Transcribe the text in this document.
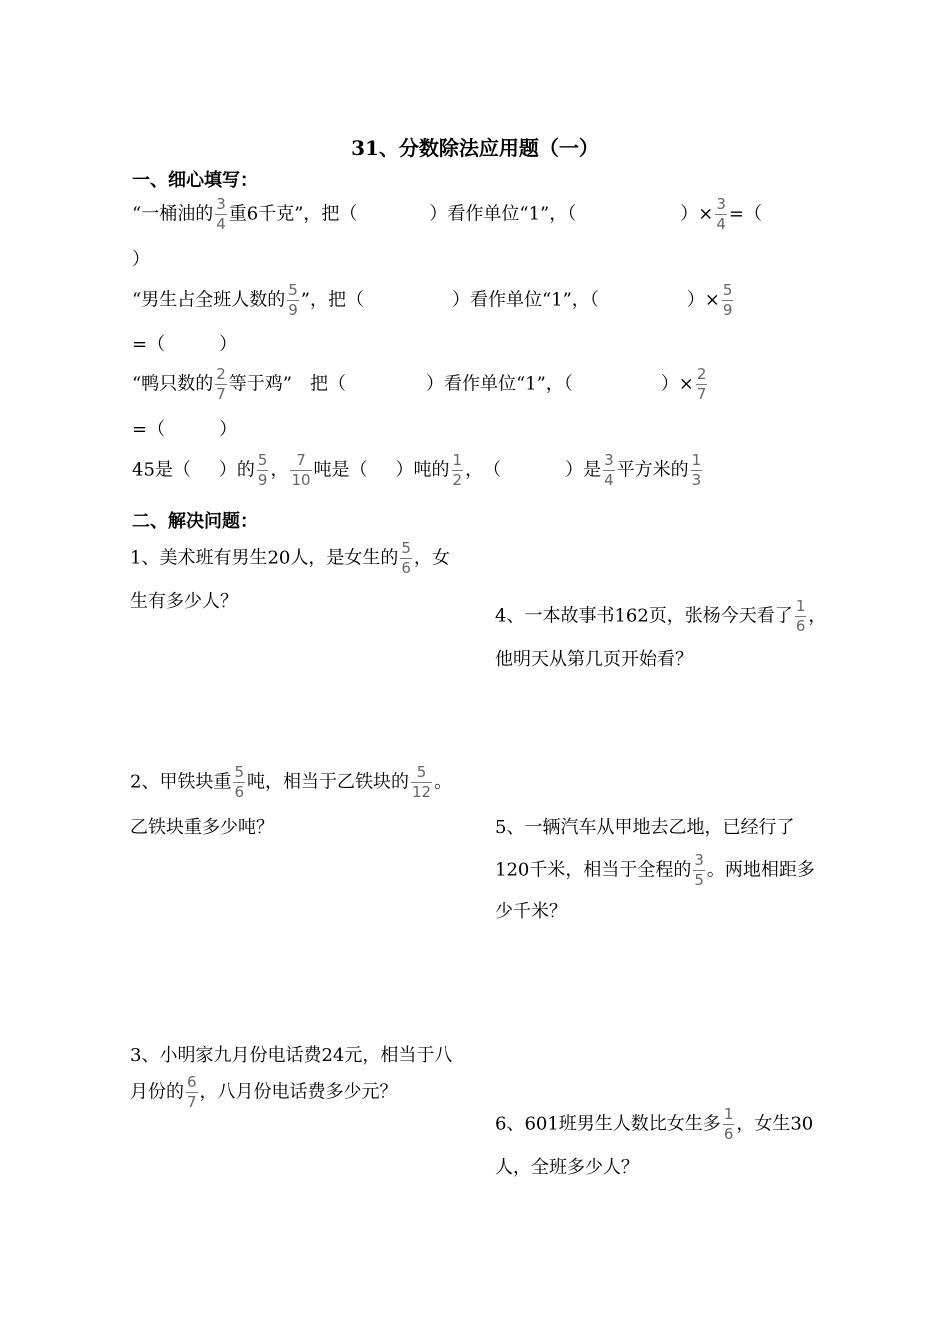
31、分数除法应用题（一）
一、细心填写：
“一桶油的 $\frac{3}{4}$ 重6千克”，把（	）看作单位“1”，（	）× $\frac{3}{4}$ =（
）
“男生占全班人数的 $\frac{5}{9}$ ”，把（	）看作单位“1”，（	）× $\frac{5}{9}$
=（　　　）
“鸭只数的 $\frac{2}{7}$ 等于鸡”　把（	）看作单位“1”，（	）× $\frac{2}{7}$
=（　　　）
45是（ ）的 $\frac{5}{9}$ ， $\frac{7}{10}$ 吨是（ ）吨的 $\frac{1}{2}$ ，　（	）是 $\frac{3}{4}$ 平方米的 $\frac{1}{3}$
二、解决问题：
1、美术班有男生20人，是女生的 $\frac{5}{6}$ ，女
生有多少人？
4、一本故事书162页，张杨今天看了 $\frac{1}{6}$ ，
他明天从第几页开始看？
2、甲铁块重 $\frac{5}{6}$ 吨，相当于乙铁块的 $\frac{5}{12}$ 。
乙铁块重多少吨？	5、一辆汽车从甲地去乙地，已经行了
120千米，相当于全程的 $\frac{3}{5}$ 。两地相距多
少千米？
3、小明家九月份电话费24元，相当于八
月份的 $\frac{6}{7}$ ，八月份电话费多少元？
6、601班男生人数比女生多 $\frac{1}{6}$ ，女生30
人，全班多少人？
